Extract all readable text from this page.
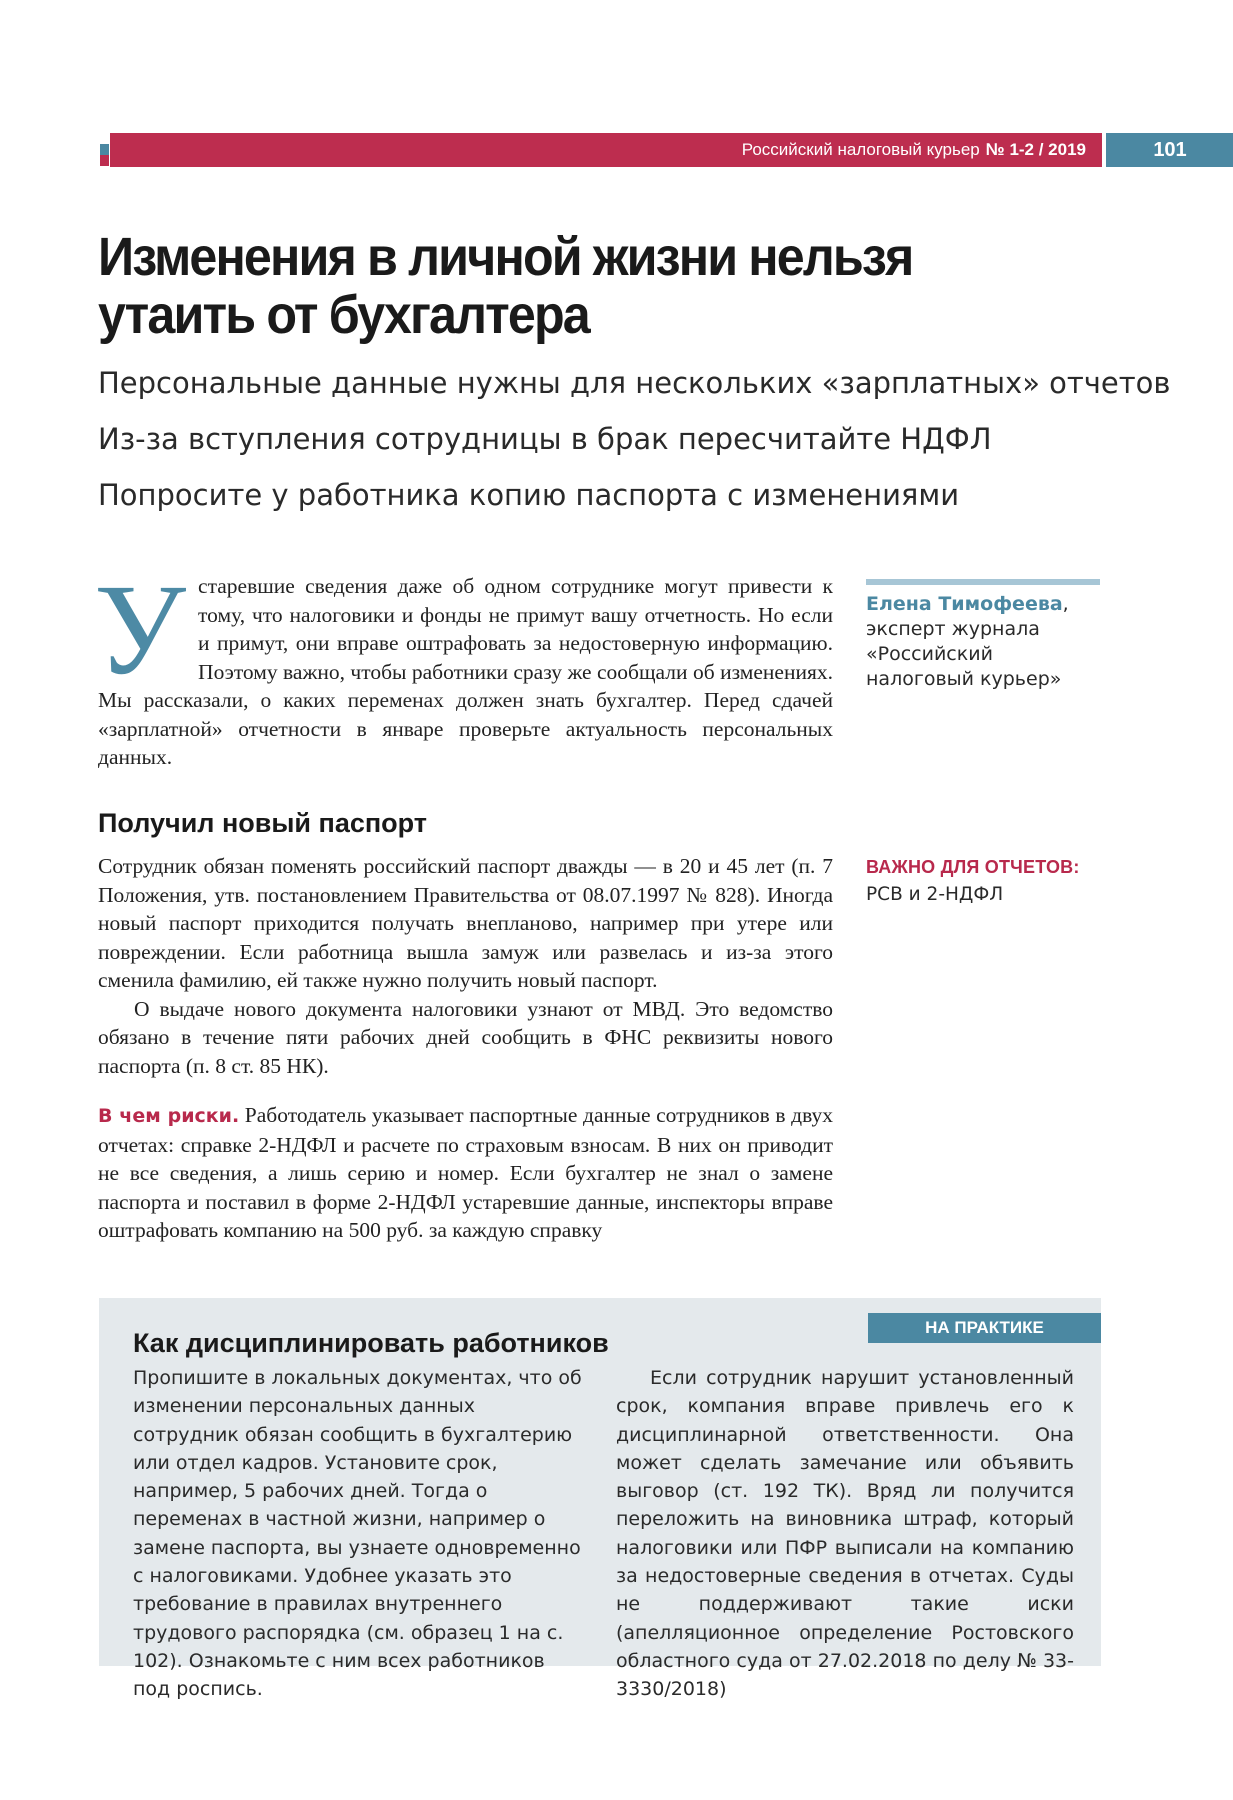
Российский налоговый курьер № 1-2 / 2019	101
Изменения в личной жизни нельзя утаить от бухгалтера
Персональные данные нужны для нескольких «зарплатных» отчетов
Из-за вступления сотрудницы в брак пересчитайте НДФЛ
Попросите у работника копию паспорта с изменениями
Устаревшие сведения даже об одном сотруднике могут привести к тому, что налоговики и фонды не примут вашу отчетность. Но если и примут, они вправе оштрафовать за недостоверную информацию. Поэтому важно, чтобы работники сразу же сообщали об изменениях. Мы рассказали, о каких переменах должен знать бухгалтер. Перед сдачей «зарплатной» отчетности в январе проверьте актуальность персональных данных.
Елена Тимофеева,
эксперт журнала «Российский налоговый курьер»
Получил новый паспорт

Сотрудник обязан поменять российский паспорт дважды — в 20 и 45 лет (п. 7 Положения, утв. постановлением Правительства от 08.07.1997 № 828). Иногда новый паспорт приходится получать внепланово, например при утере или повреждении. Если работница вышла замуж или развелась и из-за этого сменила фамилию, ей также нужно получить новый паспорт.

О выдаче нового документа налоговики узнают от МВД. Это ведомство обязано в течение пяти рабочих дней сообщить в ФНС реквизиты нового паспорта (п. 8 ст. 85 НК).

В чем риски. Работодатель указывает паспортные данные сотрудников в двух отчетах: справке 2-НДФЛ и расчете по страховым взносам. В них он приводит не все сведения, а лишь серию и номер. Если бухгалтер не знал о замене паспорта и поставил в форме 2-НДФЛ устаревшие данные, инспекторы вправе оштрафовать компанию на 500 руб. за каждую справку

ВАЖНО ДЛЯ ОТЧЕТОВ:
РСВ и 2-НДФЛ
НА ПРАКТИКЕ
Как дисциплинировать работников
Пропишите в локальных документах, что об изменении персональных данных сотрудник обязан сообщить в бухгалтерию или отдел кадров. Установите срок, например, 5 рабочих дней. Тогда о переменах в частной жизни, например о замене паспорта, вы узнаете одновременно с налоговиками. Удобнее указать это требование в правилах внутреннего трудового распорядка (см. образец 1 на с. 102). Ознакомьте с ним всех работников под роспись.
Если сотрудник нарушит установленный срок, компания вправе привлечь его к дисциплинарной ответственности. Она может сделать замечание или объявить выговор (ст. 192 ТК). Вряд ли получится переложить на виновника штраф, который налоговики или ПФР выписали на компанию за недостоверные сведения в отчетах. Суды не поддерживают такие иски (апелляционное определение Ростовского областного суда от 27.02.2018 по делу № 33-3330/2018)
